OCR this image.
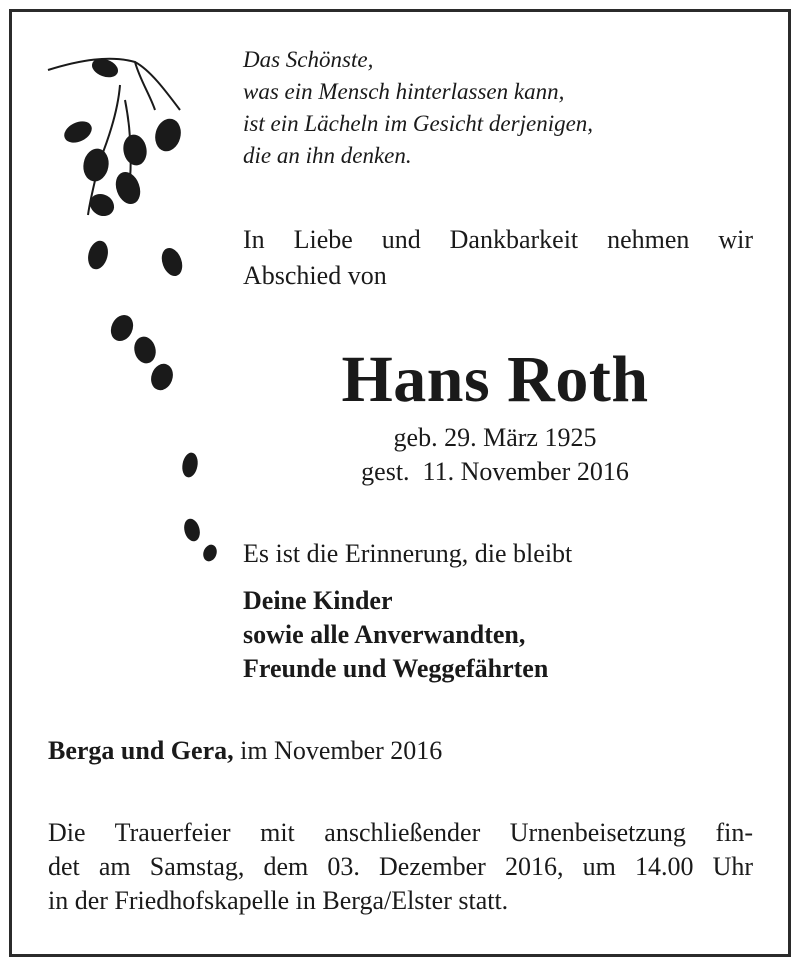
Das Schönste,
was ein Mensch hinterlassen kann,
ist ein Lächeln im Gesicht derjenigen,
die an ihn denken.
In Liebe und Dankbarkeit nehmen wir
Abschied von
Hans Roth
geb. 29. März 1925
gest.  11. November 2016
Es ist die Erinnerung, die bleibt
Deine Kinder
sowie alle Anverwandten,
Freunde und Weggefährten
Berga und Gera, im November 2016
Die Trauerfeier mit anschließender Urnenbeisetzung fin-
det am Samstag, dem 03. Dezember 2016, um 14.00 Uhr
in der Friedhofskapelle in Berga/Elster statt.
